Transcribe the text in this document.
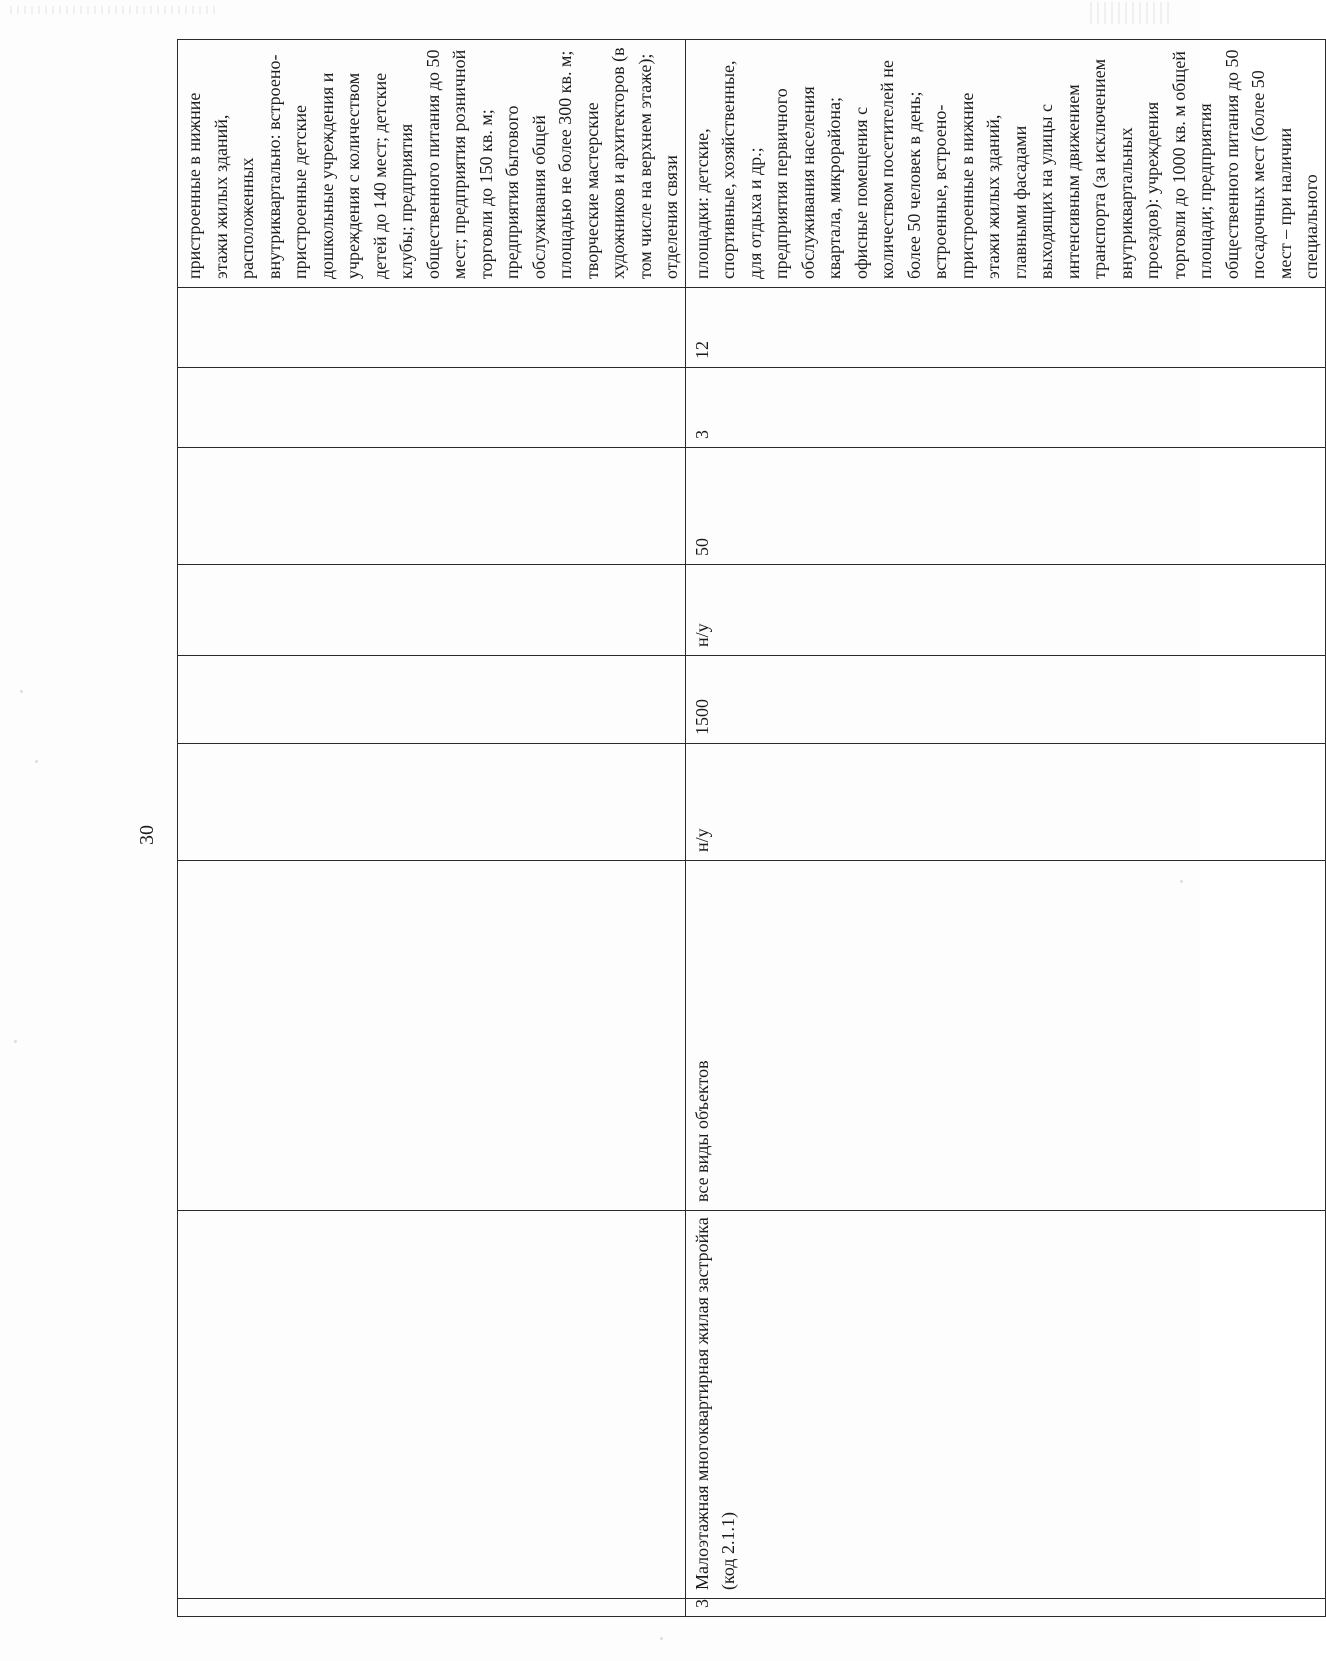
30
									пристроенные в нижние этажи жилых зданий, расположенных внутриквартально: встроено-пристроенные детские дошкольные учреждения и учреждения с количеством детей до 140 мест; детские клубы; предприятия общественного питания до 50 мест; предприятия розничной торговли до 150 кв. м; предприятия бытового обслуживания общей площадью не более 300 кв. м; творческие мастерские художников и архитекторов (в том числе на верхнем этаже); отделения связи
3	Малоэтажная многоквартирная жилая застройка (код 2.1.1)	все виды объектов	н/у	1500	н/у	50	3	12	площадки: детские, спортивные, хозяйственные, для отдыха и др.; предприятия первичного обслуживания населения квартала, микрорайона; офисные помещения с количеством посетителей не более 50 человек в день; встроенные, встроено-пристроенные в нижние этажи жилых зданий, главными фасадами выходящих на улицы с интенсивным движением транспорта (за исключением внутриквартальных проездов): учреждения торговли до 1000 кв. м общей площади; предприятия общественного питания до 50 посадочных мест (более 50 мест – при наличии специального
